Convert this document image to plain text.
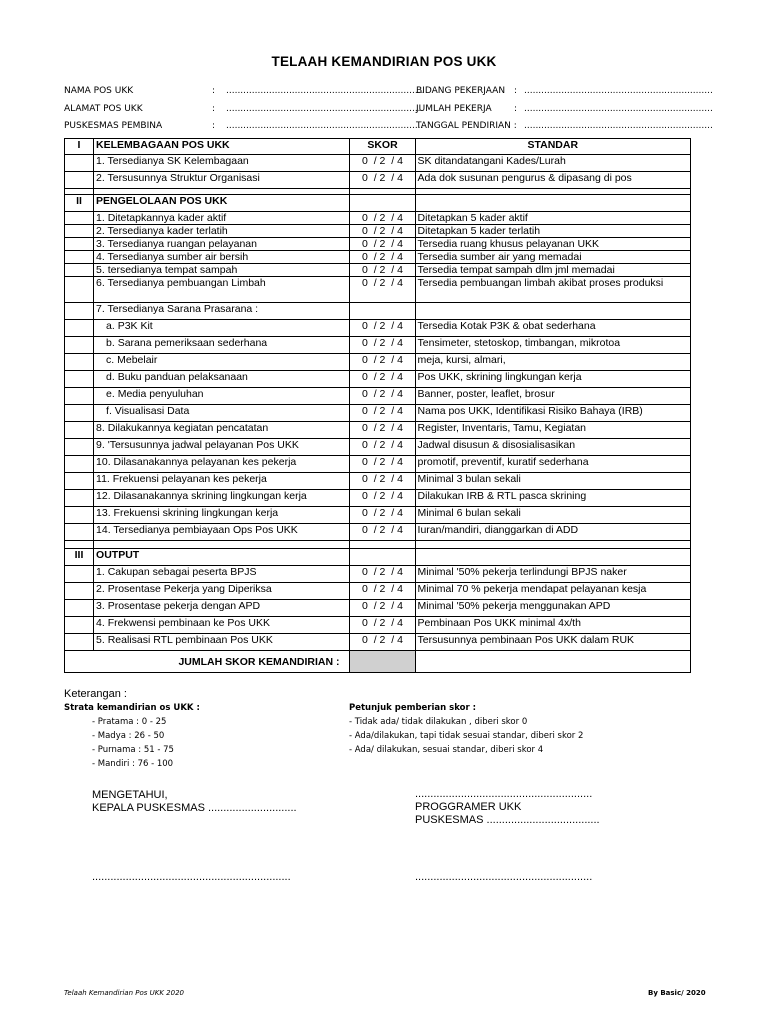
TELAAH KEMANDIRIAN POS UKK
NAMA POS UKK	: .....................................................................
ALAMAT POS UKK	: .....................................................................
PUSKESMAS PEMBINA	: .....................................................................
BIDANG PEKERJAAN : ..................................................................
JUMLAH PEKERJA : ..................................................................
TANGGAL PENDIRIAN : ..................................................................
I	KELEMBAGAAN POS UKK	SKOR	STANDAR
	1. Tersedianya SK Kelembagaan	0  / 2  / 4	SK ditandatangani Kades/Lurah
	2. Tersusunnya Struktur Organisasi	0  / 2  / 4	Ada dok susunan pengurus & dipasang di pos

II	PENGELOLAAN POS UKK		
	1. Ditetapkannya kader aktif	0  / 2  / 4	Ditetapkan 5 kader aktif
	2. Tersedianya kader terlatih	0  / 2  / 4	Ditetapkan 5 kader terlatih
	3. Tersedianya ruangan pelayanan	0  / 2  / 4	Tersedia ruang khusus pelayanan UKK
	4. Tersedianya sumber air bersih	0  / 2  / 4	Tersedia sumber air yang memadai
	5. tersedianya tempat sampah	0  / 2  / 4	Tersedia tempat sampah dlm jml memadai
	6. Tersedianya pembuangan Limbah	0  / 2  / 4	Tersedia pembuangan limbah akibat proses produksi
	7. Tersedianya Sarana Prasarana :		
	a. P3K Kit	0  / 2  / 4	Tersedia Kotak P3K & obat sederhana
	b. Sarana pemeriksaan sederhana	0  / 2  / 4	Tensimeter, stetoskop, timbangan, mikrotoa
	c. Mebelair	0  / 2  / 4	meja, kursi, almari,
	d. Buku panduan pelaksanaan	0  / 2  / 4	Pos UKK, skrining lingkungan kerja
	e. Media penyuluhan	0  / 2  / 4	Banner, poster, leaflet, brosur
	f. Visualisasi Data	0  / 2  / 4	Nama pos UKK, Identifikasi Risiko Bahaya (IRB)
	8. Dilakukannya kegiatan pencatatan	0  / 2  / 4	Register, Inventaris, Tamu, Kegiatan
	9. 'Tersusunnya jadwal pelayanan Pos UKK	0  / 2  / 4	Jadwal disusun & disosialisasikan
	10. Dilasanakannya pelayanan kes pekerja	0  / 2  / 4	promotif, preventif, kuratif sederhana
	11. Frekuensi pelayanan kes pekerja	0  / 2  / 4	Minimal 3 bulan sekali
	12. Dilasanakannya skrining lingkungan kerja	0  / 2  / 4	Dilakukan IRB & RTL pasca skrining
	13. Frekuensi skrining lingkungan kerja	0  / 2  / 4	Minimal 6 bulan sekali
	14. Tersedianya pembiayaan Ops Pos UKK	0  / 2  / 4	Iuran/mandiri, dianggarkan di ADD

III	OUTPUT		
	1. Cakupan sebagai peserta BPJS	0  / 2  / 4	Minimal '50% pekerja terlindungi BPJS naker
	2. Prosentase Pekerja yang Diperiksa	0  / 2  / 4	Minimal 70 % pekerja mendapat pelayanan kesja
	3. Prosentase pekerja dengan APD	0  / 2  / 4	Minimal '50% pekerja menggunakan APD
	4. Frekwensi pembinaan ke Pos UKK	0  / 2  / 4	Pembinaan Pos UKK minimal 4x/th
	5. Realisasi RTL pembinaan Pos UKK	0  / 2  / 4	Tersusunnya pembinaan Pos UKK dalam RUK
JUMLAH SKOR KEMANDIRIAN :			
Keterangan :
Strata kemandirian os UKK :
- Pratama : 0 - 25
- Madya : 26 - 50
- Purnama : 51 - 75
- Mandiri : 76 - 100
Petunjuk pemberian skor :
- Tidak ada/ tidak dilakukan , diberi skor 0
- Ada/dilakukan, tapi tidak sesuai standar, diberi skor 2
- Ada/ dilakukan, sesuai standar, diberi skor 4
MENGETAHUI,
KEPALA PUSKESMAS .............................
.................................................................
..........................................................
PROGGRAMER UKK
PUSKESMAS .....................................
..........................................................
Telaah Kemandirian Pos UKK 2020	By Basic/ 2020
